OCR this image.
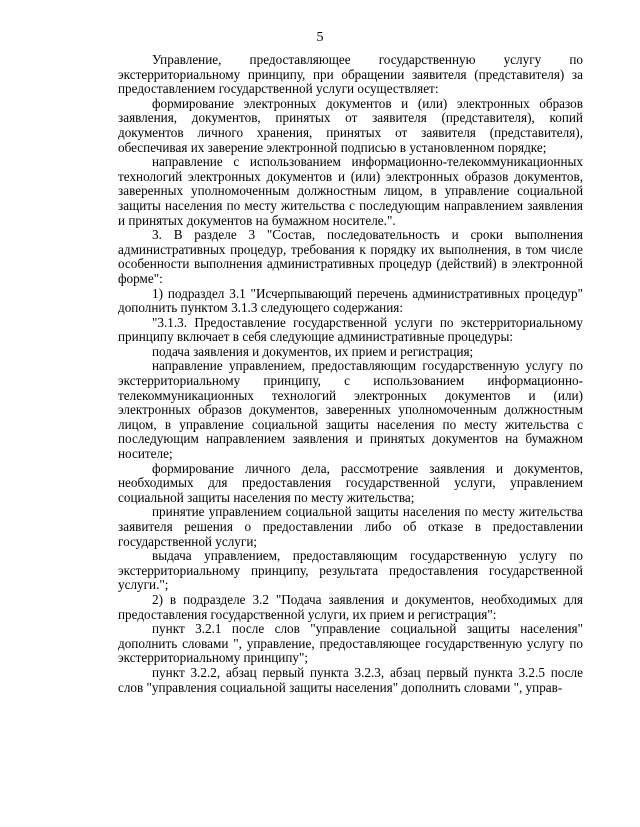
5

Управление, предоставляющее государственную услугу по экстерриториальному принципу, при обращении заявителя (представителя) за предоставлением государственной услуги осуществляет:

формирование электронных документов и (или) электронных образов заявления, документов, принятых от заявителя (представителя), копий документов личного хранения, принятых от заявителя (представителя), обеспечивая их заверение электронной подписью в установленном порядке;

направление с использованием информационно-телекоммуникационных технологий электронных документов и (или) электронных образов документов, заверенных уполномоченным должностным лицом, в управление социальной защиты населения по месту жительства с последующим направлением заявления и принятых документов на бумажном носителе.".

3. В разделе 3 "Состав, последовательность и сроки выполнения административных процедур, требования к порядку их выполнения, в том числе особенности выполнения административных процедур (действий) в электронной форме":

1) подраздел 3.1 "Исчерпывающий перечень административных процедур" дополнить пунктом 3.1.3 следующего содержания:

"3.1.3. Предоставление государственной услуги по экстерриториальному принципу включает в себя следующие административные процедуры:

подача заявления и документов, их прием и регистрация;

направление управлением, предоставляющим государственную услугу по экстерриториальному принципу, с использованием информационно-телекоммуникационных технологий электронных документов и (или) электронных образов документов, заверенных уполномоченным должностным лицом, в управление социальной защиты населения по месту жительства с последующим направлением заявления и принятых документов на бумажном носителе;

формирование личного дела, рассмотрение заявления и документов, необходимых для предоставления государственной услуги, управлением социальной защиты населения по месту жительства;

принятие управлением социальной защиты населения по месту жительства заявителя решения о предоставлении либо об отказе в предоставлении государственной услуги;

выдача управлением, предоставляющим государственную услугу по экстерриториальному принципу, результата предоставления государственной услуги.";

2) в подразделе 3.2 "Подача заявления и документов, необходимых для предоставления государственной услуги, их прием и регистрация":

пункт 3.2.1 после слов "управление социальной защиты населения" дополнить словами ", управление, предоставляющее государственную услугу по экстерриториальному принципу";

пункт 3.2.2, абзац первый пункта 3.2.3, абзац первый пункта 3.2.5 после слов "управления социальной защиты населения" дополнить словами ", управ-
